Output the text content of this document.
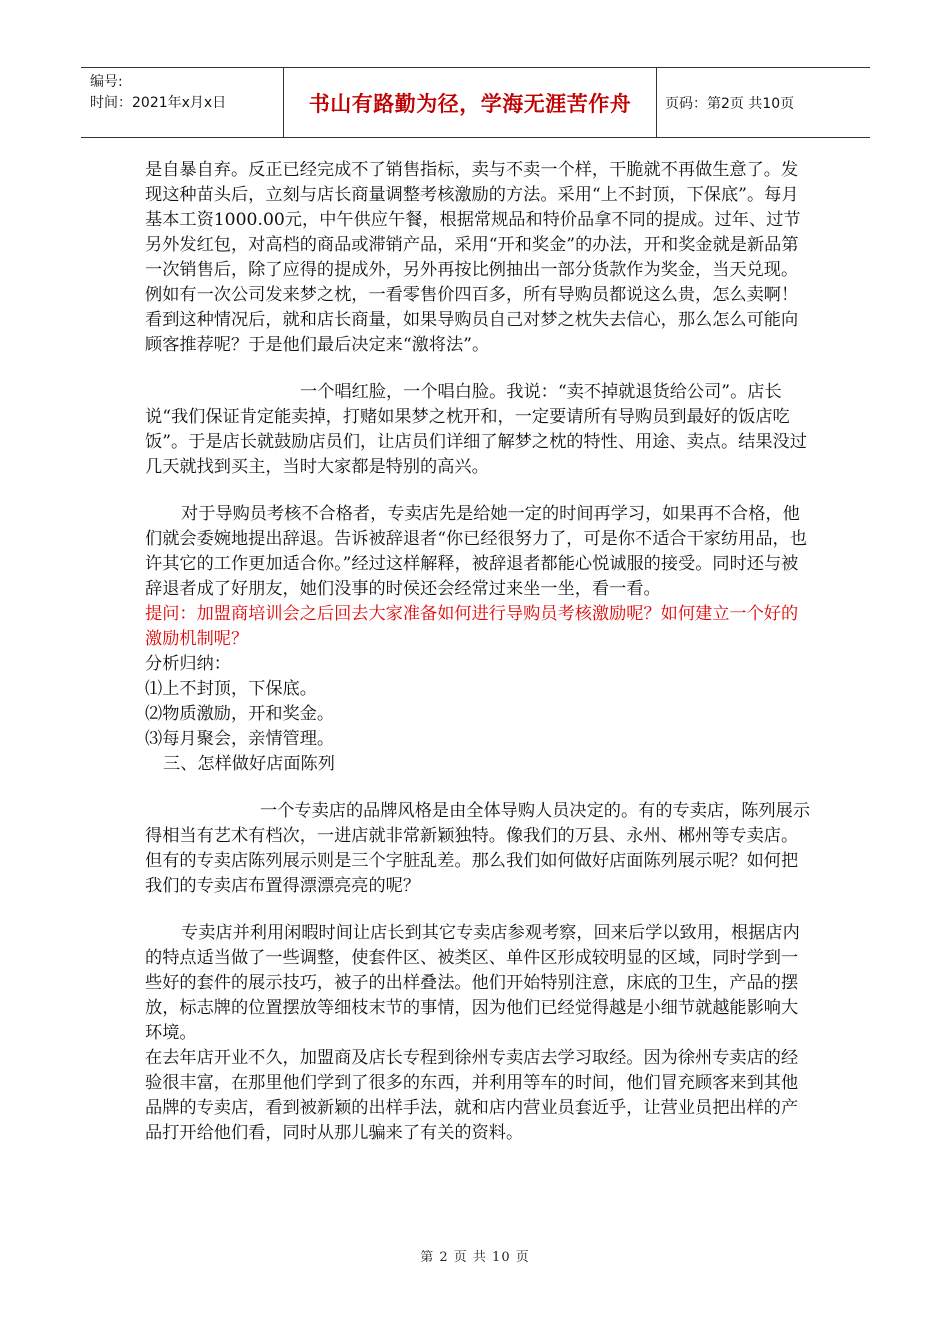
编号:
时间：2021年x月x日	书山有路勤为径，学海无涯苦作舟	页码：第2页 共10页

是自暴自弃。反正已经完成不了销售指标，卖与不卖一个样，干脆就不再做生意了。发现这种苗头后，立刻与店长商量调整考核激励的方法。采用“上不封顶，下保底”。每月基本工资1000.00元，中午供应午餐，根据常规品和特价品拿不同的提成。过年、过节另外发红包，对高档的商品或滞销产品，采用“开和奖金”的办法，开和奖金就是新品第一次销售后，除了应得的提成外，另外再按比例抽出一部分货款作为奖金，当天兑现。例如有一次公司发来梦之枕，一看零售价四百多，所有导购员都说这么贵，怎么卖啊！看到这种情况后，就和店长商量，如果导购员自己对梦之枕失去信心，那么怎么可能向顾客推荐呢？于是他们最后决定来“激将法”。

一个唱红脸，一个唱白脸。我说：“卖不掉就退货给公司”。店长说“我们保证肯定能卖掉，打赌如果梦之枕开和，一定要请所有导购员到最好的饭店吃饭”。于是店长就鼓励店员们，让店员们详细了解梦之枕的特性、用途、卖点。结果没过几天就找到买主，当时大家都是特别的高兴。

对于导购员考核不合格者，专卖店先是给她一定的时间再学习，如果再不合格，他们就会委婉地提出辞退。告诉被辞退者“你已经很努力了，可是你不适合干家纺用品，也许其它的工作更加适合你。”经过这样解释，被辞退者都能心悦诚服的接受。同时还与被辞退者成了好朋友，她们没事的时侯还会经常过来坐一坐，看一看。

提问：加盟商培训会之后回去大家准备如何进行导购员考核激励呢？如何建立一个好的激励机制呢？

分析归纳：

⑴上不封顶，下保底。

⑵物质激励，开和奖金。

⑶每月聚会，亲情管理。

三、怎样做好店面陈列

一个专卖店的品牌风格是由全体导购人员决定的。有的专卖店，陈列展示得相当有艺术有档次，一进店就非常新颖独特。像我们的万县、永州、郴州等专卖店。但有的专卖店陈列展示则是三个字脏乱差。那么我们如何做好店面陈列展示呢？如何把我们的专卖店布置得漂漂亮亮的呢？

专卖店并利用闲暇时间让店长到其它专卖店参观考察，回来后学以致用，根据店内的特点适当做了一些调整，使套件区、被类区、单件区形成较明显的区域，同时学到一些好的套件的展示技巧，被子的出样叠法。他们开始特别注意，床底的卫生，产品的摆放，标志牌的位置摆放等细枝末节的事情，因为他们已经觉得越是小细节就越能影响大环境。

在去年店开业不久，加盟商及店长专程到徐州专卖店去学习取经。因为徐州专卖店的经验很丰富，在那里他们学到了很多的东西，并利用等车的时间，他们冒充顾客来到其他品牌的专卖店，看到被新颖的出样手法，就和店内营业员套近乎，让营业员把出样的产品打开给他们看，同时从那儿骗来了有关的资料。

第 2 页 共 10 页
